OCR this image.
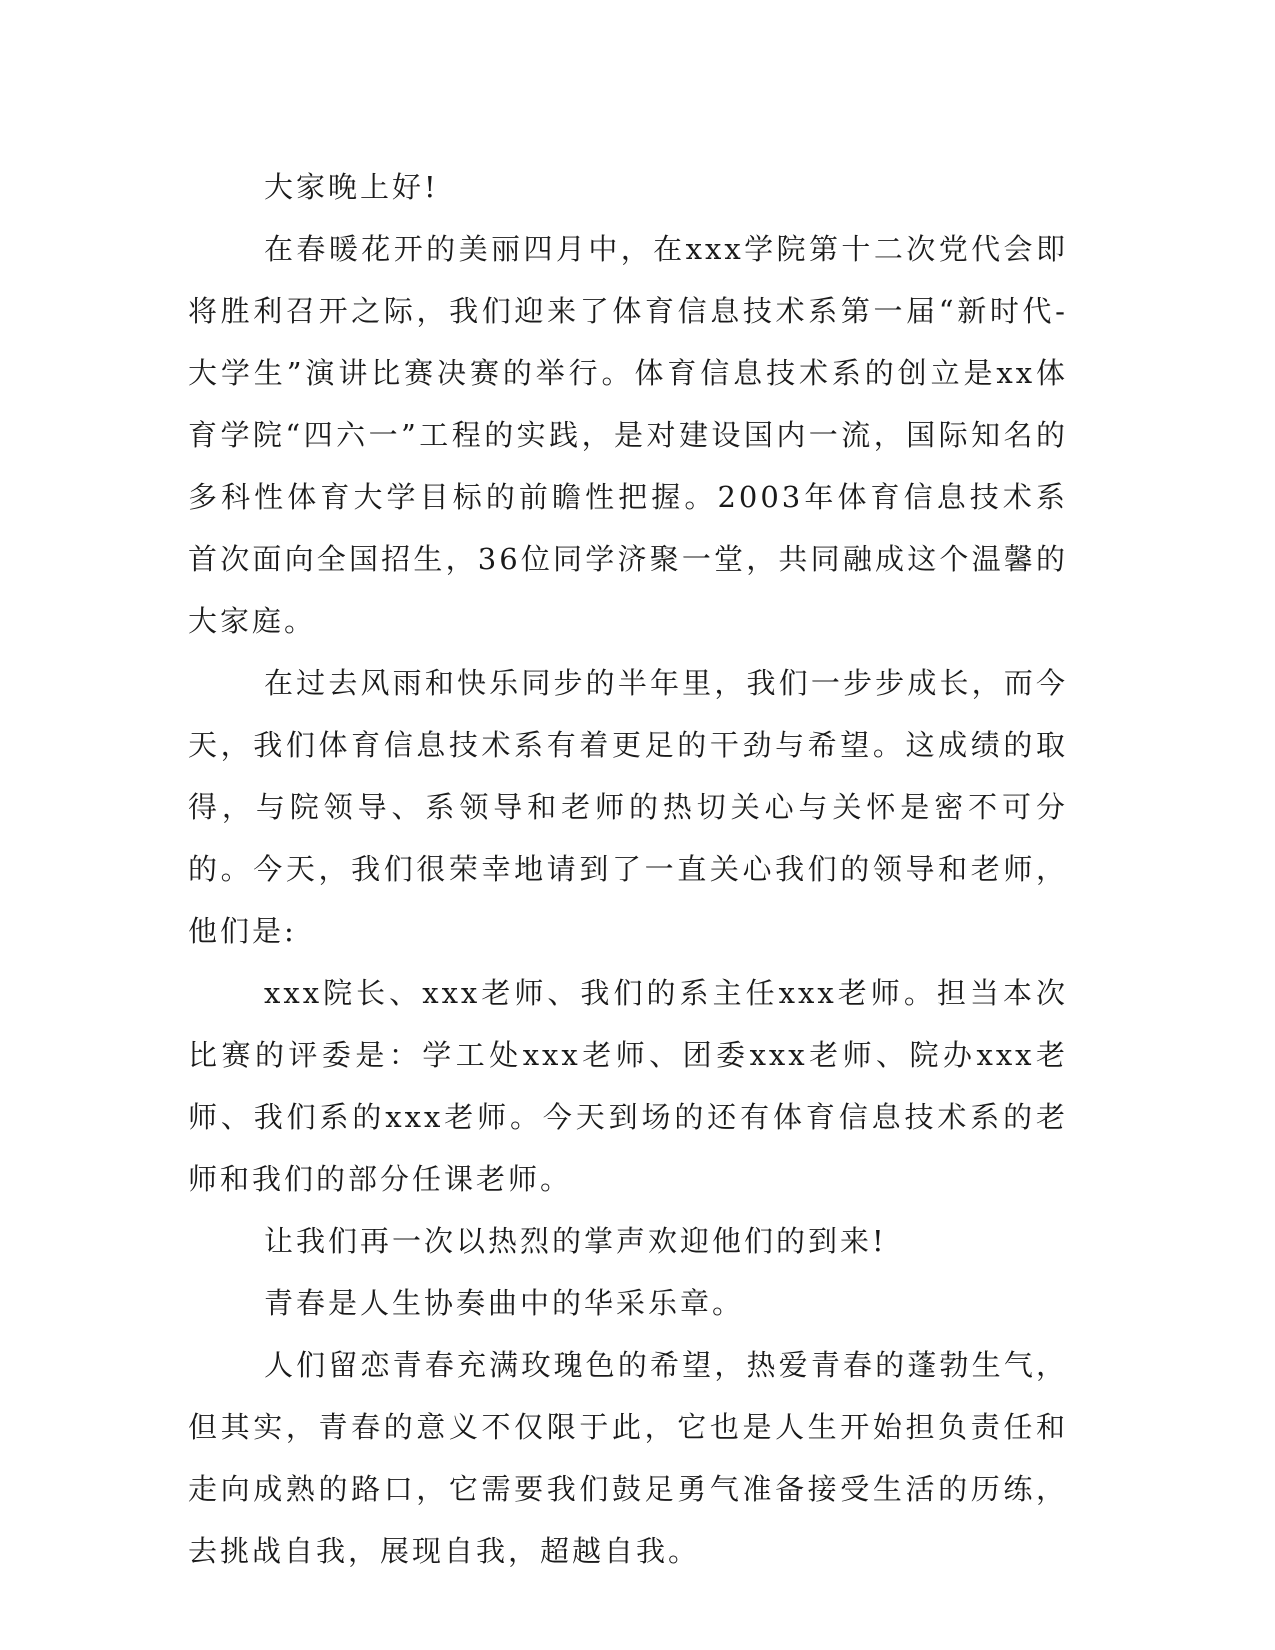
大家晚上好!

在春暖花开的美丽四月中，在xxx学院第十二次党代会即将胜利召开之际，我们迎来了体育信息技术系第一届“新时代-大学生”演讲比赛决赛的举行。体育信息技术系的创立是xx体育学院“四六一”工程的实践，是对建设国内一流，国际知名的多科性体育大学目标的前瞻性把握。2003年体育信息技术系首次面向全国招生，36位同学济聚一堂，共同融成这个温馨的大家庭。

在过去风雨和快乐同步的半年里，我们一步步成长，而今天，我们体育信息技术系有着更足的干劲与希望。这成绩的取得，与院领导、系领导和老师的热切关心与关怀是密不可分的。今天，我们很荣幸地请到了一直关心我们的领导和老师，他们是:

xxx院长、xxx老师、我们的系主任xxx老师。担当本次比赛的评委是：学工处xxx老师、团委xxx老师、院办xxx老师、我们系的xxx老师。今天到场的还有体育信息技术系的老师和我们的部分任课老师。

让我们再一次以热烈的掌声欢迎他们的到来!

青春是人生协奏曲中的华采乐章。

人们留恋青春充满玫瑰色的希望，热爱青春的蓬勃生气，但其实，青春的意义不仅限于此，它也是人生开始担负责任和走向成熟的路口，它需要我们鼓足勇气准备接受生活的历练，去挑战自我，展现自我，超越自我。
